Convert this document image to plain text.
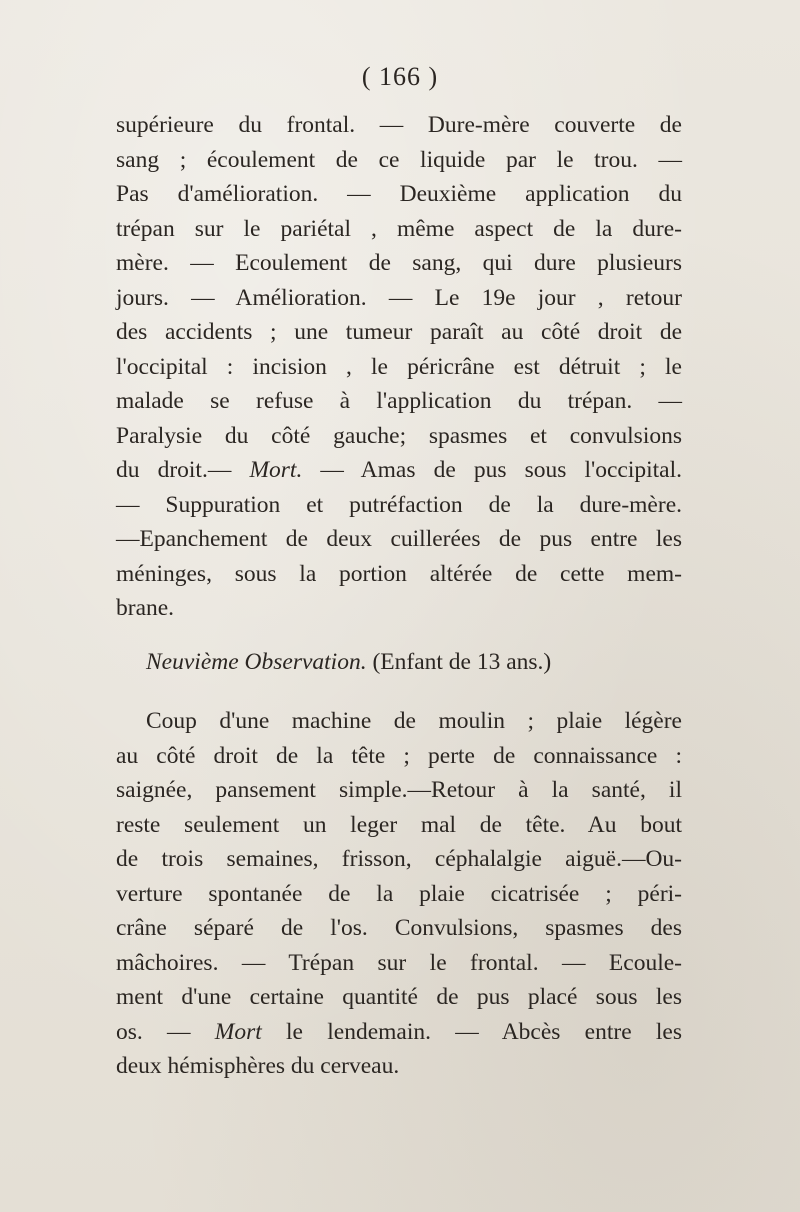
( 166 )
supérieure du frontal. — Dure-mère couverte de
sang ; écoulement de ce liquide par le trou. —
Pas d'amélioration. — Deuxième application du
trépan sur le pariétal , même aspect de la dure-
mère. — Ecoulement de sang, qui dure plusieurs
jours. — Amélioration. — Le 19e jour , retour
des accidents ; une tumeur paraît au côté droit de
l'occipital : incision , le péricrâne est détruit ; le
malade se refuse à l'application du trépan. —
Paralysie du côté gauche; spasmes et convulsions
du droit.— Mort. — Amas de pus sous l'occipital.
— Suppuration et putréfaction de la dure-mère.
—Epanchement de deux cuillerées de pus entre les
méninges, sous la portion altérée de cette mem-
brane.
Neuvième Observation. (Enfant de 13 ans.)
Coup d'une machine de moulin ; plaie légère
au côté droit de la tête ; perte de connaissance :
saignée, pansement simple.—Retour à la santé, il
reste seulement un leger mal de tête. Au bout
de trois semaines, frisson, céphalalgie aiguë.—Ou-
verture spontanée de la plaie cicatrisée ; péri-
crâne séparé de l'os. Convulsions, spasmes des
mâchoires. — Trépan sur le frontal. — Ecoule-
ment d'une certaine quantité de pus placé sous les
os. — Mort le lendemain. — Abcès entre les
deux hémisphères du cerveau.
